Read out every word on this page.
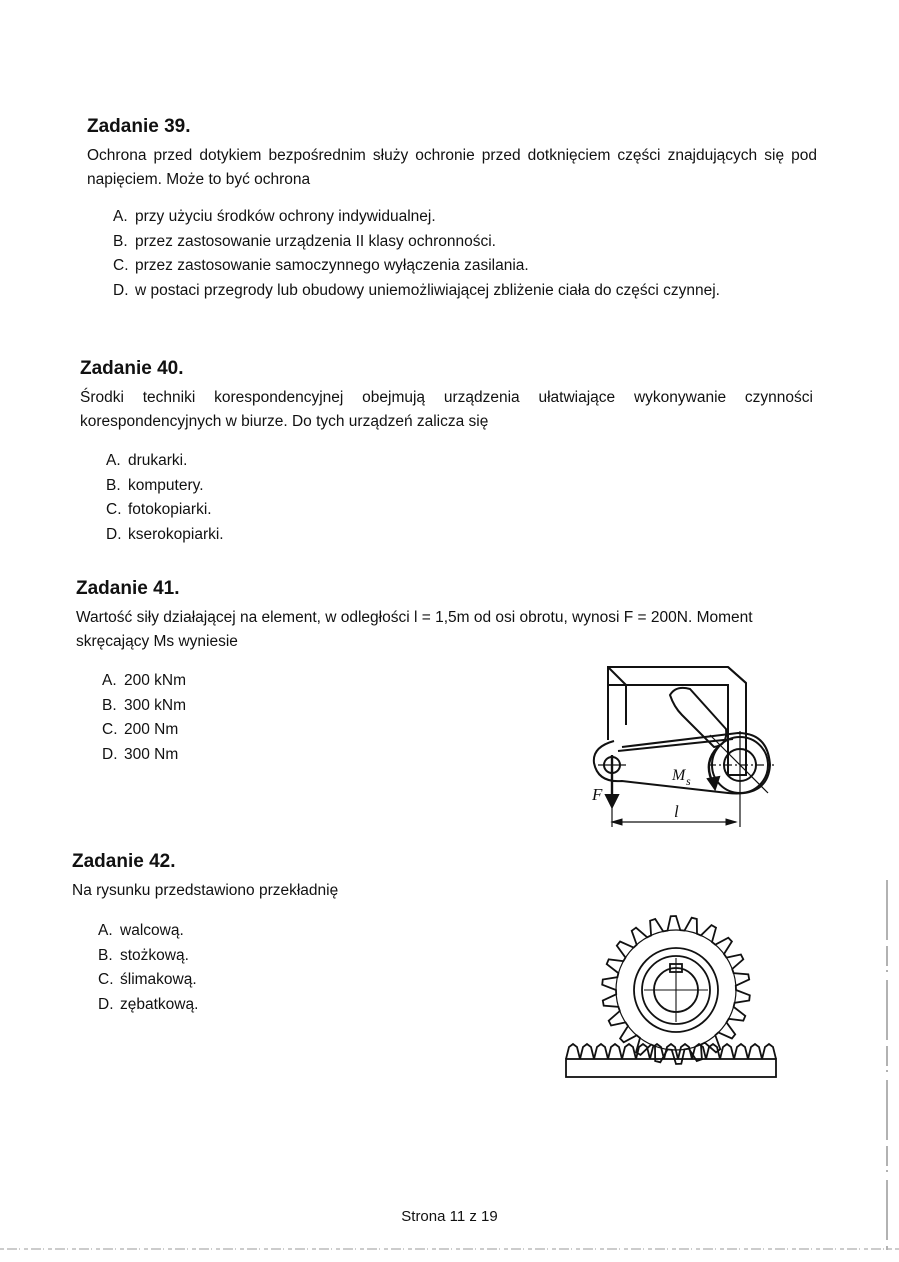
Zadanie 39.

Ochrona przed dotykiem bezpośrednim służy ochronie przed dotknięciem części znajdujących się pod napięciem. Może to być ochrona

A. przy użyciu środków ochrony indywidualnej.
B. przez zastosowanie urządzenia II klasy ochronności.
C. przez zastosowanie samoczynnego wyłączenia zasilania.
D. w postaci przegrody lub obudowy uniemożliwiającej zbliżenie ciała do części czynnej.
Zadanie 40.

Środki techniki korespondencyjnej obejmują urządzenia ułatwiające wykonywanie czynności korespondencyjnych w biurze. Do tych urządzeń zalicza się

A. drukarki.
B. komputery.
C. fotokopiarki.
D. kserokopiarki.
Zadanie 41.

Wartość siły działającej na element, w odległości l = 1,5m od osi obrotu, wynosi F = 200N. Moment skręcający Ms wyniesie

A. 200 kNm
B. 300 kNm
C. 200 Nm
D. 300 Nm
F
M s
l
Zadanie 42.

Na rysunku przedstawiono przekładnię

A. walcową.
B. stożkową.
C. ślimakową.
D. zębatkową.
Strona 11 z 19
